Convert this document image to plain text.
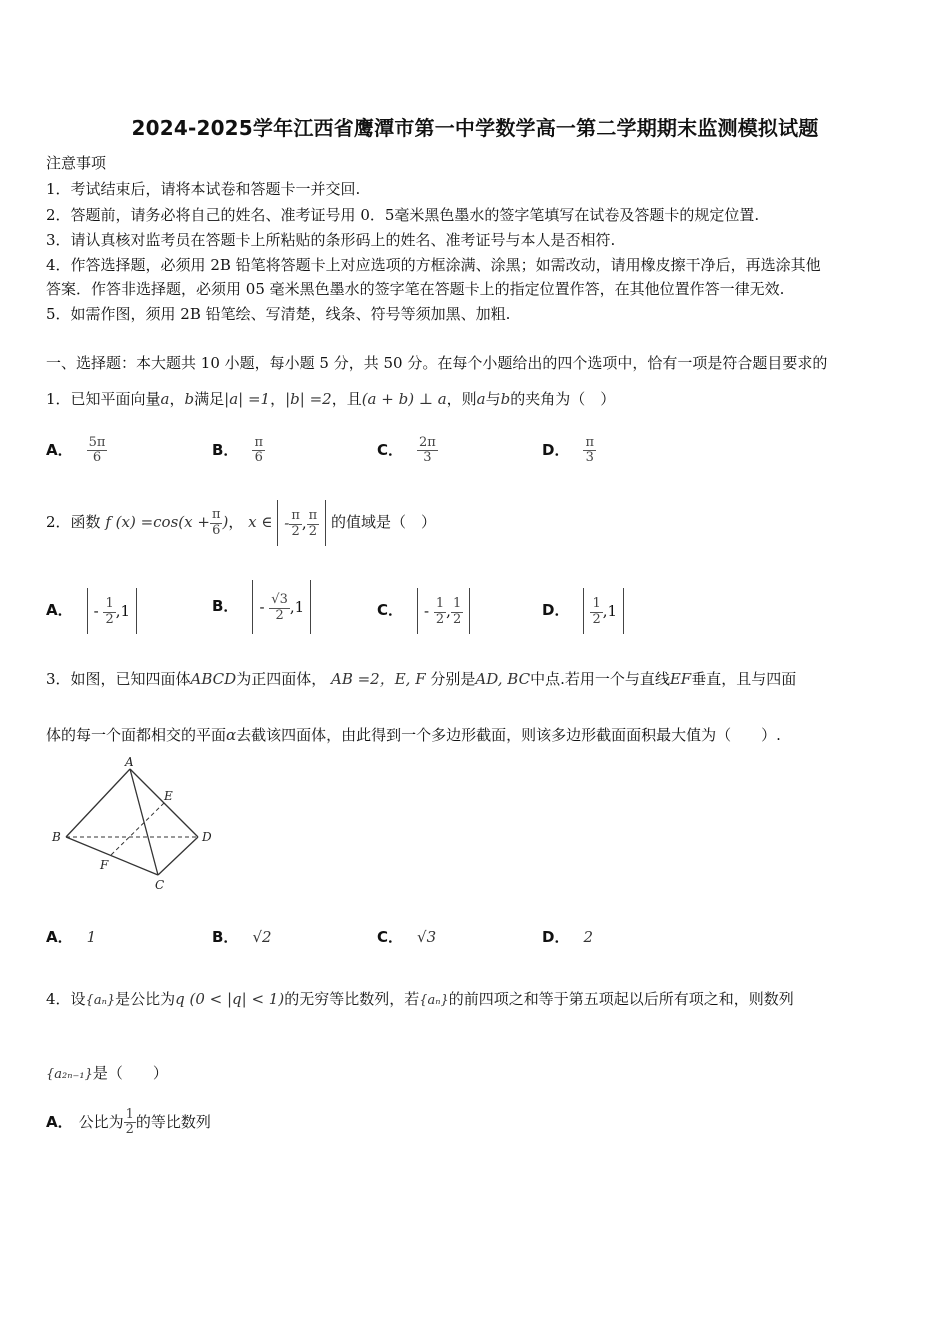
2024-2025学年江西省鹰潭市第一中学数学高一第二学期期末监测模拟试题
注意事项
1．考试结束后，请将本试卷和答题卡一并交回.
2．答题前，请务必将自己的姓名、准考证号用 0．5毫米黑色墨水的签字笔填写在试卷及答题卡的规定位置.
3．请认真核对监考员在答题卡上所粘贴的条形码上的姓名、准考证号与本人是否相符.
4．作答选择题，必须用 2B 铅笔将答题卡上对应选项的方框涂满、涂黑；如需改动，请用橡皮擦干净后，再选涂其他
答案．作答非选择题，必须用 05 毫米黑色墨水的签字笔在答题卡上的指定位置作答，在其他位置作答一律无效.
5．如需作图，须用 2B 铅笔绘、写清楚，线条、符号等须加黑、加粗.
一、选择题：本大题共 10 小题，每小题 5 分，共 50 分。在每个小题给出的四个选项中，恰有一项是符合题目要求的
1．已知平面向量a，b满足|a| =1，|b| =2，且(a + b) ⊥ a，则a与b的夹角为（　）
A． $\frac{5\pi}{6}$	B． $\frac{\pi}{6}$	C． $\frac{2\pi}{3}$	D． $\frac{\pi}{3}$
2．函数 f $(x) =\cos(x + \frac{\pi}{6}$ )， x ∈ - $\frac{\pi}{2}$ , $\frac{\pi}{2}$ 的值域是（　）
A． - $\frac{1}{2} ,1$	B． - $\frac{√3}{2} ,1$	C． - $\frac{1}{2}$ , $\frac{1}{2}$	D． $\frac{1}{2} ,1$
3．如图，已知四面体ABCD为正四面体， AB =2，E, F 分别是AD, BC中点.若用一个与直线EF垂直，且与四面
体的每一个面都相交的平面α去截该四面体，由此得到一个多边形截面，则该多边形截面面积最大值为（　　）.
A
B
C
D
E
F
A． 1	B． √2	C． √3	D． 2
4．设{aₙ}是公比为q (0 < |q| < 1)的无穷等比数列，若{aₙ}的前四项之和等于第五项起以后所有项之和，则数列
{a₂ₙ₋₁}是（　　）
A． 公比为 $\frac{1}{2}$ 的等比数列
